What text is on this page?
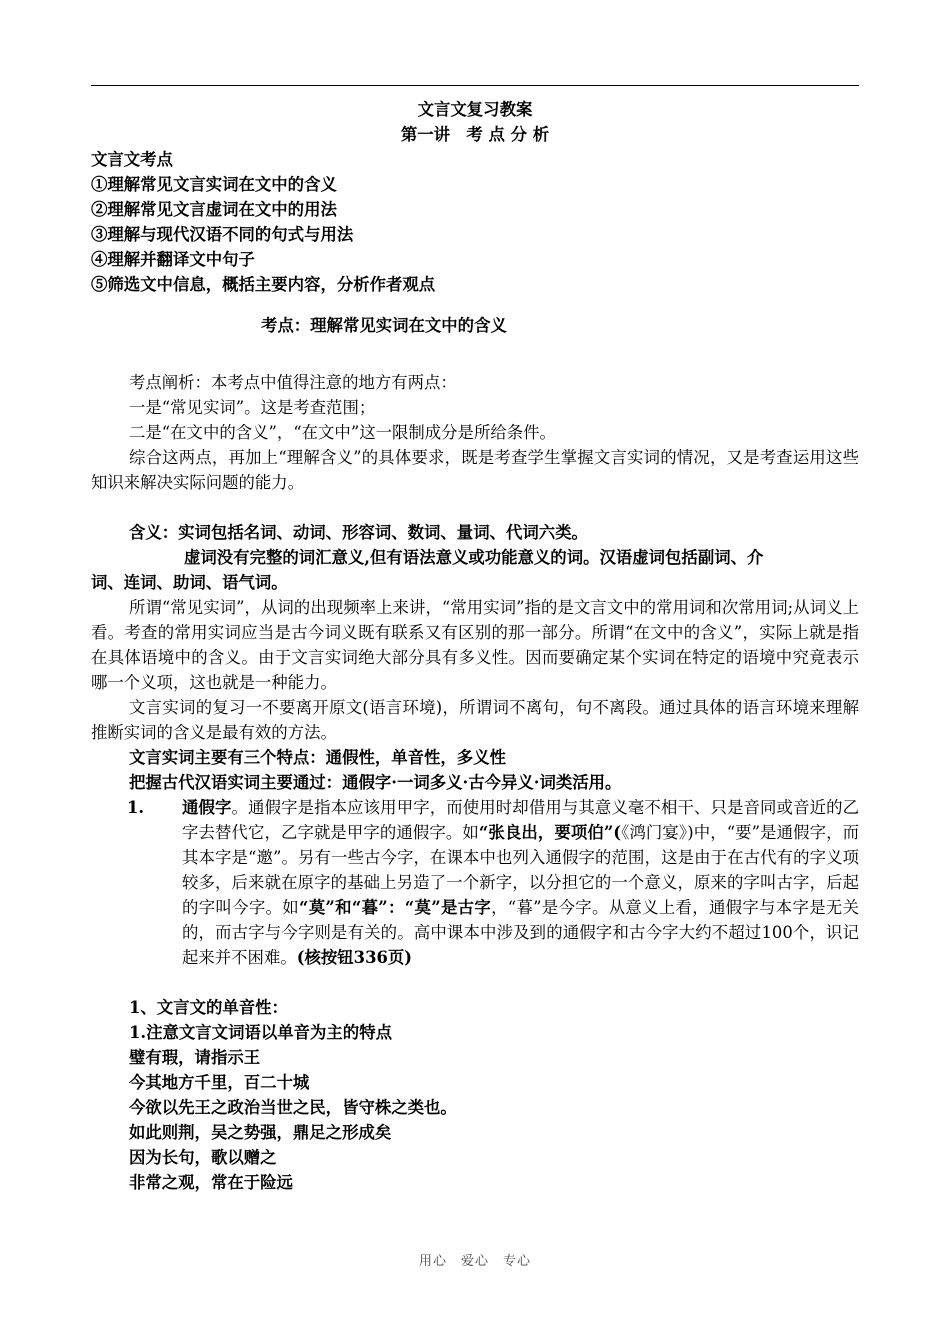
文言文复习教案

第一讲　考 点 分 析

文言文考点

①理解常见文言实词在文中的含义

②理解常见文言虚词在文中的用法

③理解与现代汉语不同的句式与用法

④理解并翻译文中句子

⑤筛选文中信息，概括主要内容，分析作者观点

考点：理解常见实词在文中的含义

考点阐析：本考点中值得注意的地方有两点：

一是“常见实词”。这是考查范围；

二是“在文中的含义”，“在文中”这一限制成分是所给条件。

综合这两点，再加上“理解含义”的具体要求，既是考查学生掌握文言实词的情况，又是考查运用这些知识来解决实际问题的能力。

含义：实词包括名词、动词、形容词、数词、量词、代词六类。

虚词没有完整的词汇意义,但有语法意义或功能意义的词。汉语虚词包括副词、介

词、连词、助词、语气词。

所谓“常见实词”，从词的出现频率上来讲，“常用实词”指的是文言文中的常用词和次常用词;从词义上看。考查的常用实词应当是古今词义既有联系又有区别的那一部分。所谓“在文中的含义”，实际上就是指在具体语境中的含义。由于文言实词绝大部分具有多义性。因而要确定某个实词在特定的语境中究竟表示哪一个义项，这也就是一种能力。

文言实词的复习一不要离开原文(语言环境)，所谓词不离句，句不离段。通过具体的语言环境来理解推断实词的含义是最有效的方法。

文言实词主要有三个特点：通假性，单音性，多义性

把握古代汉语实词主要通过：通假字·一词多义·古今异义·词类活用。

1.	通假字。通假字是指本应该用甲字，而使用时却借用与其意义毫不相干、只是音同或音近的乙字去替代它，乙字就是甲字的通假字。如“张良出，要项伯”(《鸿门宴》)中，“要”是通假字，而其本字是“邀”。另有一些古今字，在课本中也列入通假字的范围，这是由于在古代有的字义项较多，后来就在原字的基础上另造了一个新字，以分担它的一个意义，原来的字叫古字，后起的字叫今字。如“莫”和“暮”：“莫”是古字，“暮”是今字。从意义上看，通假字与本字是无关的，而古字与今字则是有关的。高中课本中涉及到的通假字和古今字大约不超过100个，识记起来并不困难。(核按钮336页)

1、文言文的单音性：

1.注意文言文词语以单音为主的特点

璧有瑕，请指示王

今其地方千里，百二十城

今欲以先王之政治当世之民，皆守株之类也。

如此则荆，吴之势强，鼎足之形成矣

因为长句，歌以赠之

非常之观，常在于险远

用心　爱心　专心
